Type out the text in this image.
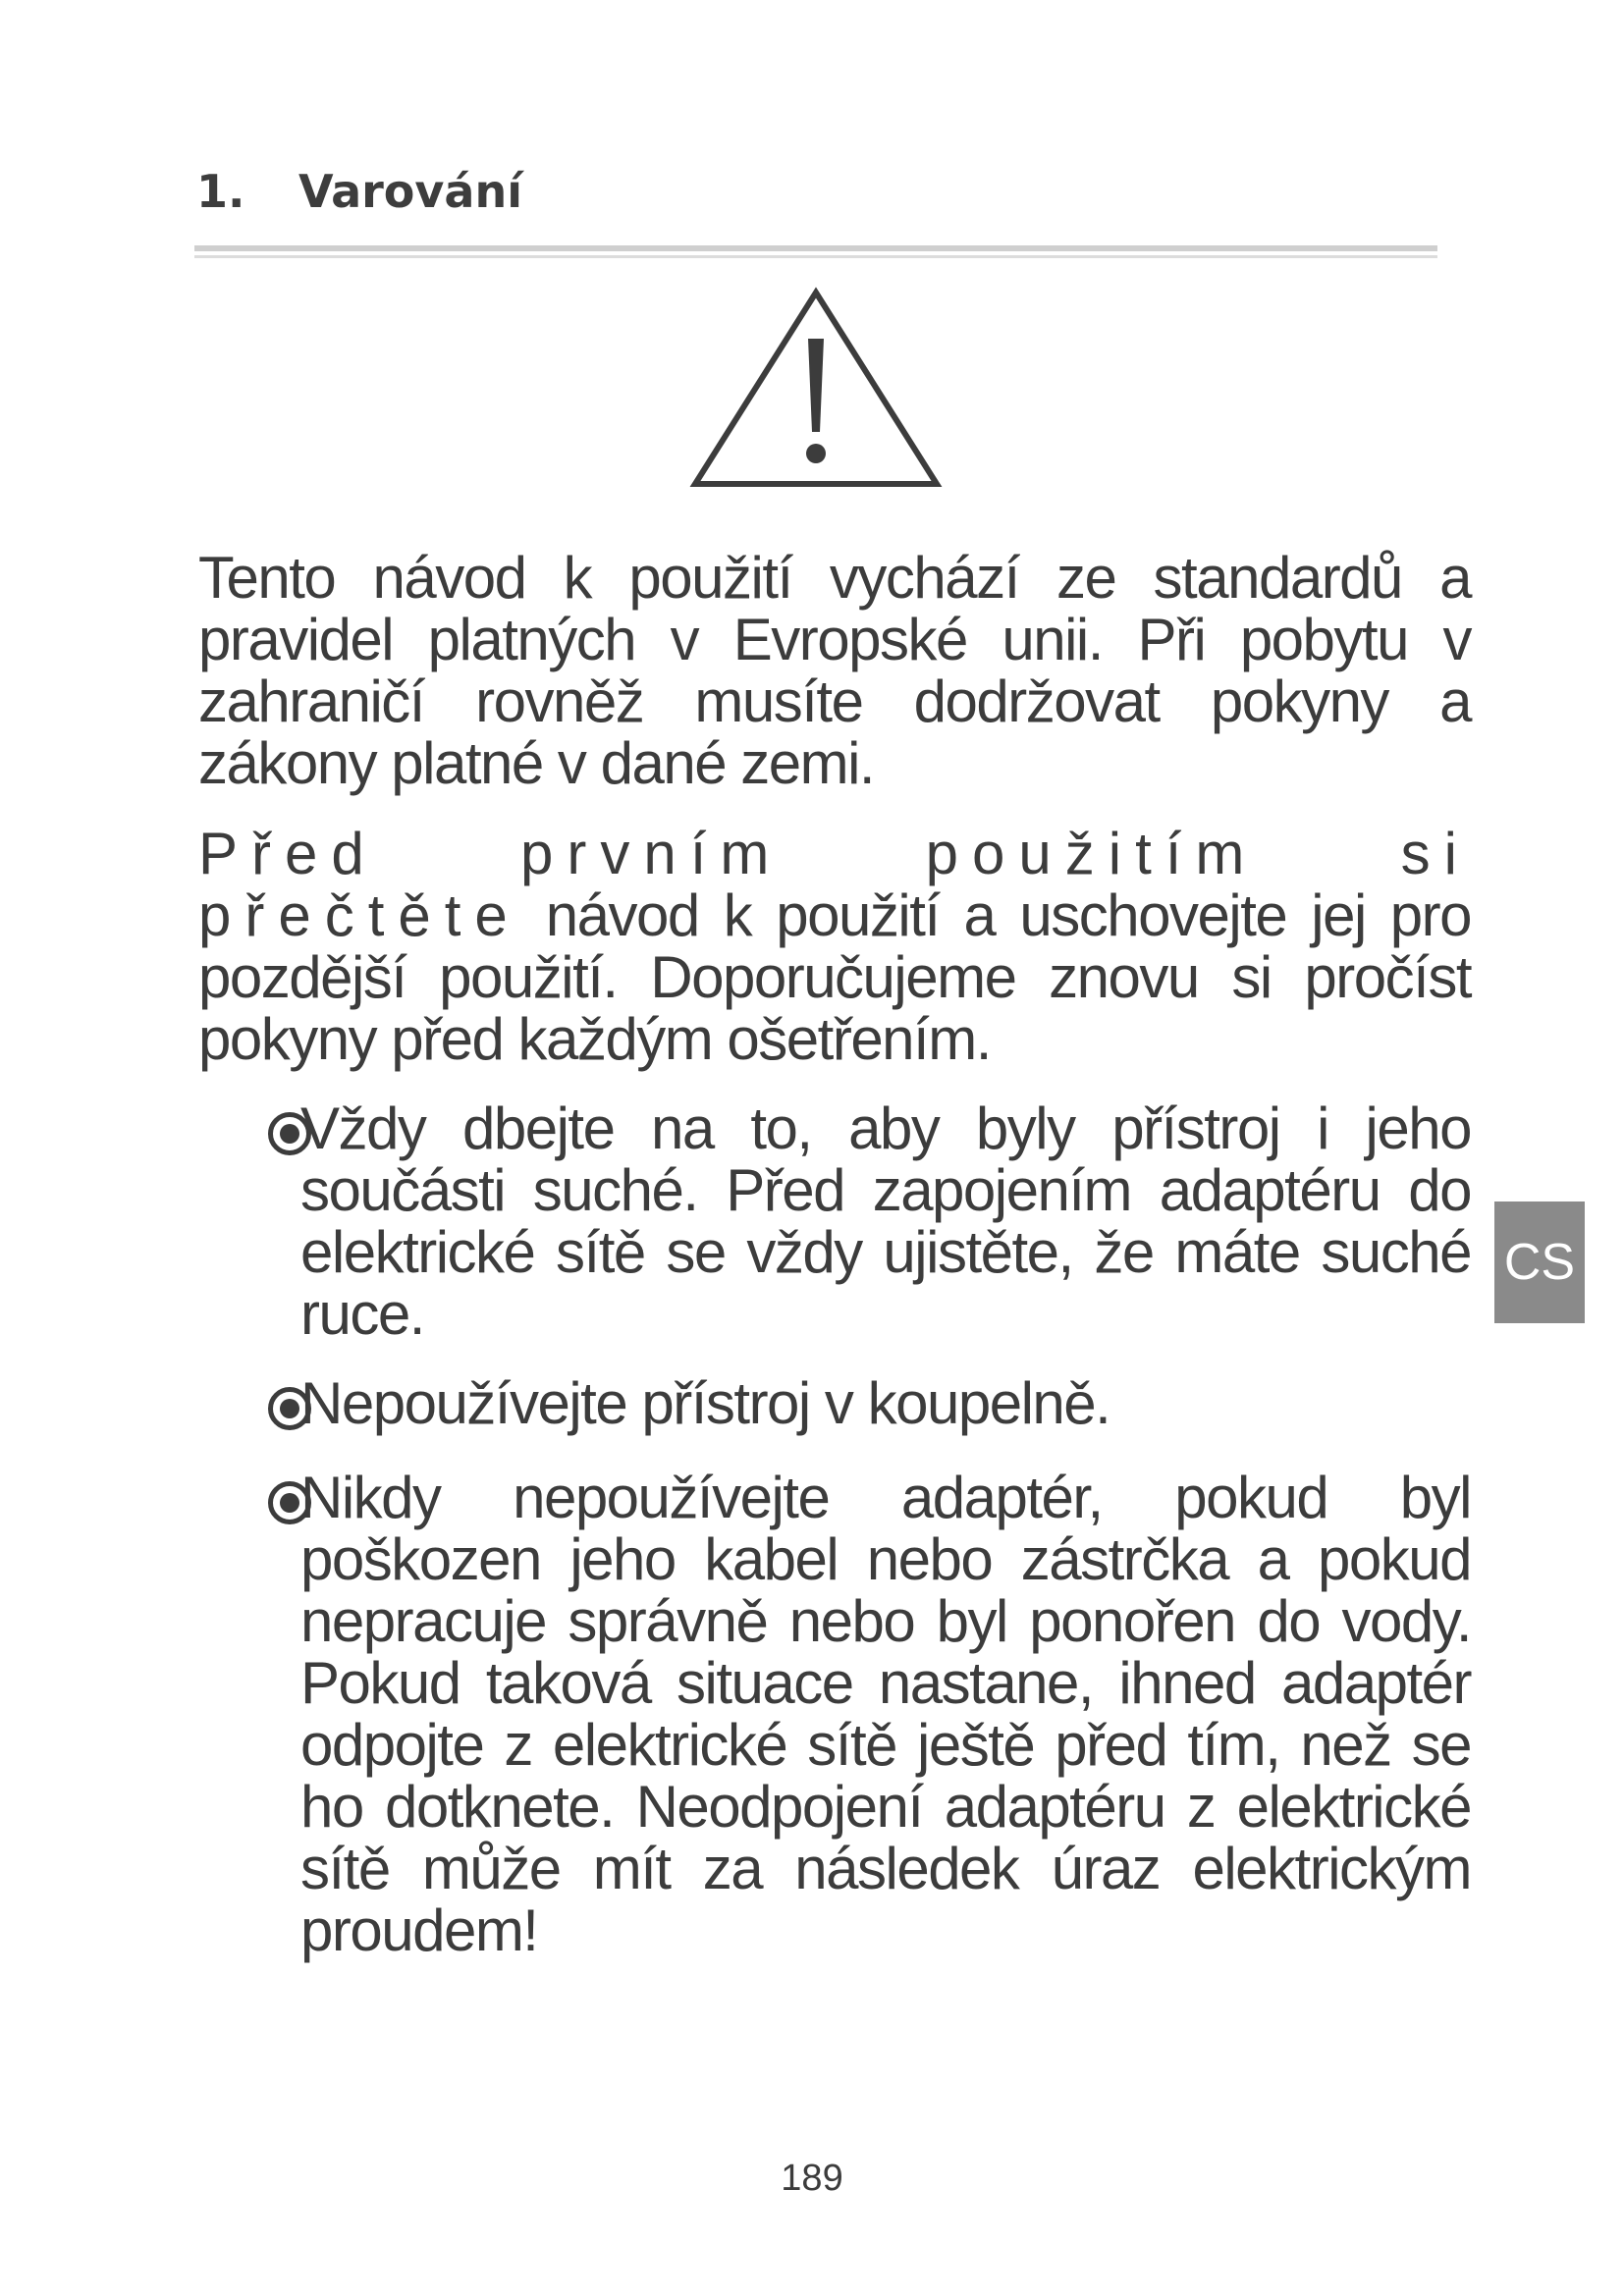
1. Varování

Tento návod k použití vychází ze standardů a pravidel platných v Evropské unii. Při pobytu v zahraničí rovněž musíte dodržovat pokyny a zákony platné v dané zemi.

Před prvním použitím si přečtěte návod k použití a uschovejte jej pro pozdější použití. Doporučujeme znovu si pročíst pokyny před každým ošetřením.

Vždy dbejte na to, aby byly přístroj i jeho součásti suché. Před zapojením adaptéru do elektrické sítě se vždy ujistěte, že máte suché ruce.

Nepoužívejte přístroj v koupelně.

Nikdy nepoužívejte adaptér, pokud byl poškozen jeho kabel nebo zástrčka a pokud nepracuje správně nebo byl ponořen do vody. Pokud taková situace nastane, ihned adaptér odpojte z elektrické sítě ještě před tím, než se ho dotknete. Neodpojení adaptéru z elektrické sítě může mít za následek úraz elektrickým proudem!

CS
189
